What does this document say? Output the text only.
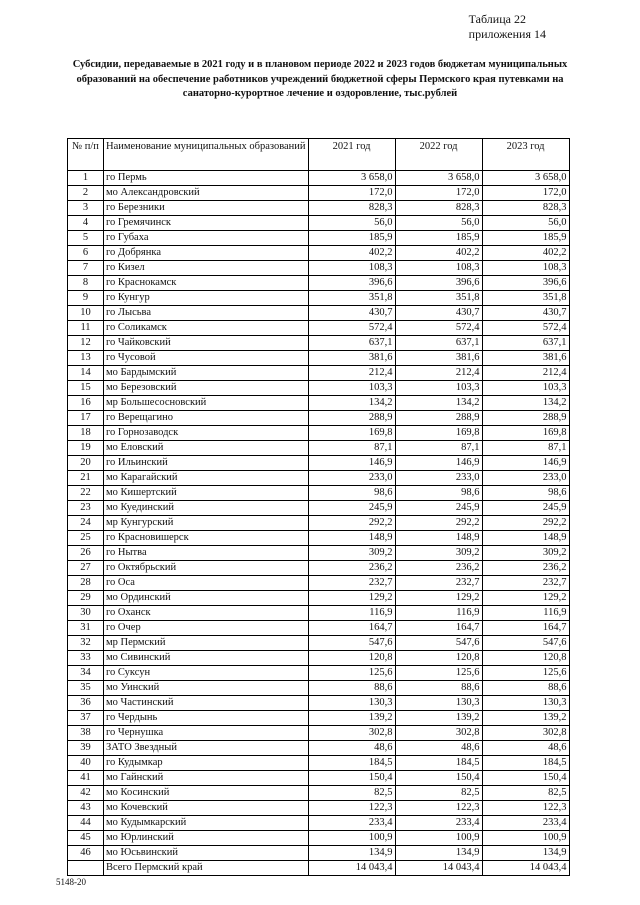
Таблица 22
приложения 14
Субсидии, передаваемые в 2021 году и в плановом периоде 2022 и 2023 годов бюджетам муниципальных образований на обеспечение работников учреждений бюджетной сферы Пермского края путевками на санаторно-курортное лечение и оздоровление, тыс.рублей
№ п/п	Наименование муниципальных образований	2021 год	2022 год	2023 год
1	го Пермь	3 658,0	3 658,0	3 658,0
2	мо Александровский	172,0	172,0	172,0
3	го Березники	828,3	828,3	828,3
4	го Гремячинск	56,0	56,0	56,0
5	го Губаха	185,9	185,9	185,9
6	го Добрянка	402,2	402,2	402,2
7	го Кизел	108,3	108,3	108,3
8	го Краснокамск	396,6	396,6	396,6
9	го Кунгур	351,8	351,8	351,8
10	го Лысьва	430,7	430,7	430,7
11	го Соликамск	572,4	572,4	572,4
12	го Чайковский	637,1	637,1	637,1
13	го Чусовой	381,6	381,6	381,6
14	мо Бардымский	212,4	212,4	212,4
15	мо Березовский	103,3	103,3	103,3
16	мр Большесосновский	134,2	134,2	134,2
17	го Верещагино	288,9	288,9	288,9
18	го Горнозаводск	169,8	169,8	169,8
19	мо Еловский	87,1	87,1	87,1
20	го Ильинский	146,9	146,9	146,9
21	мо Карагайский	233,0	233,0	233,0
22	мо Кишертский	98,6	98,6	98,6
23	мо Куединский	245,9	245,9	245,9
24	мр Кунгурский	292,2	292,2	292,2
25	го Красновишерск	148,9	148,9	148,9
26	го Нытва	309,2	309,2	309,2
27	го Октябрьский	236,2	236,2	236,2
28	го Оса	232,7	232,7	232,7
29	мо Ординский	129,2	129,2	129,2
30	го Оханск	116,9	116,9	116,9
31	го Очер	164,7	164,7	164,7
32	мр Пермский	547,6	547,6	547,6
33	мо Сивинский	120,8	120,8	120,8
34	го Суксун	125,6	125,6	125,6
35	мо Уинский	88,6	88,6	88,6
36	мо Частинский	130,3	130,3	130,3
37	го Чердынь	139,2	139,2	139,2
38	го Чернушка	302,8	302,8	302,8
39	ЗАТО Звездный	48,6	48,6	48,6
40	го Кудымкар	184,5	184,5	184,5
41	мо Гайнский	150,4	150,4	150,4
42	мо Косинский	82,5	82,5	82,5
43	мо Кочевский	122,3	122,3	122,3
44	мо Кудымкарский	233,4	233,4	233,4
45	мо Юрлинский	100,9	100,9	100,9
46	мо Юсьвинский	134,9	134,9	134,9
	Всего Пермский край	14 043,4	14 043,4	14 043,4
5148-20
